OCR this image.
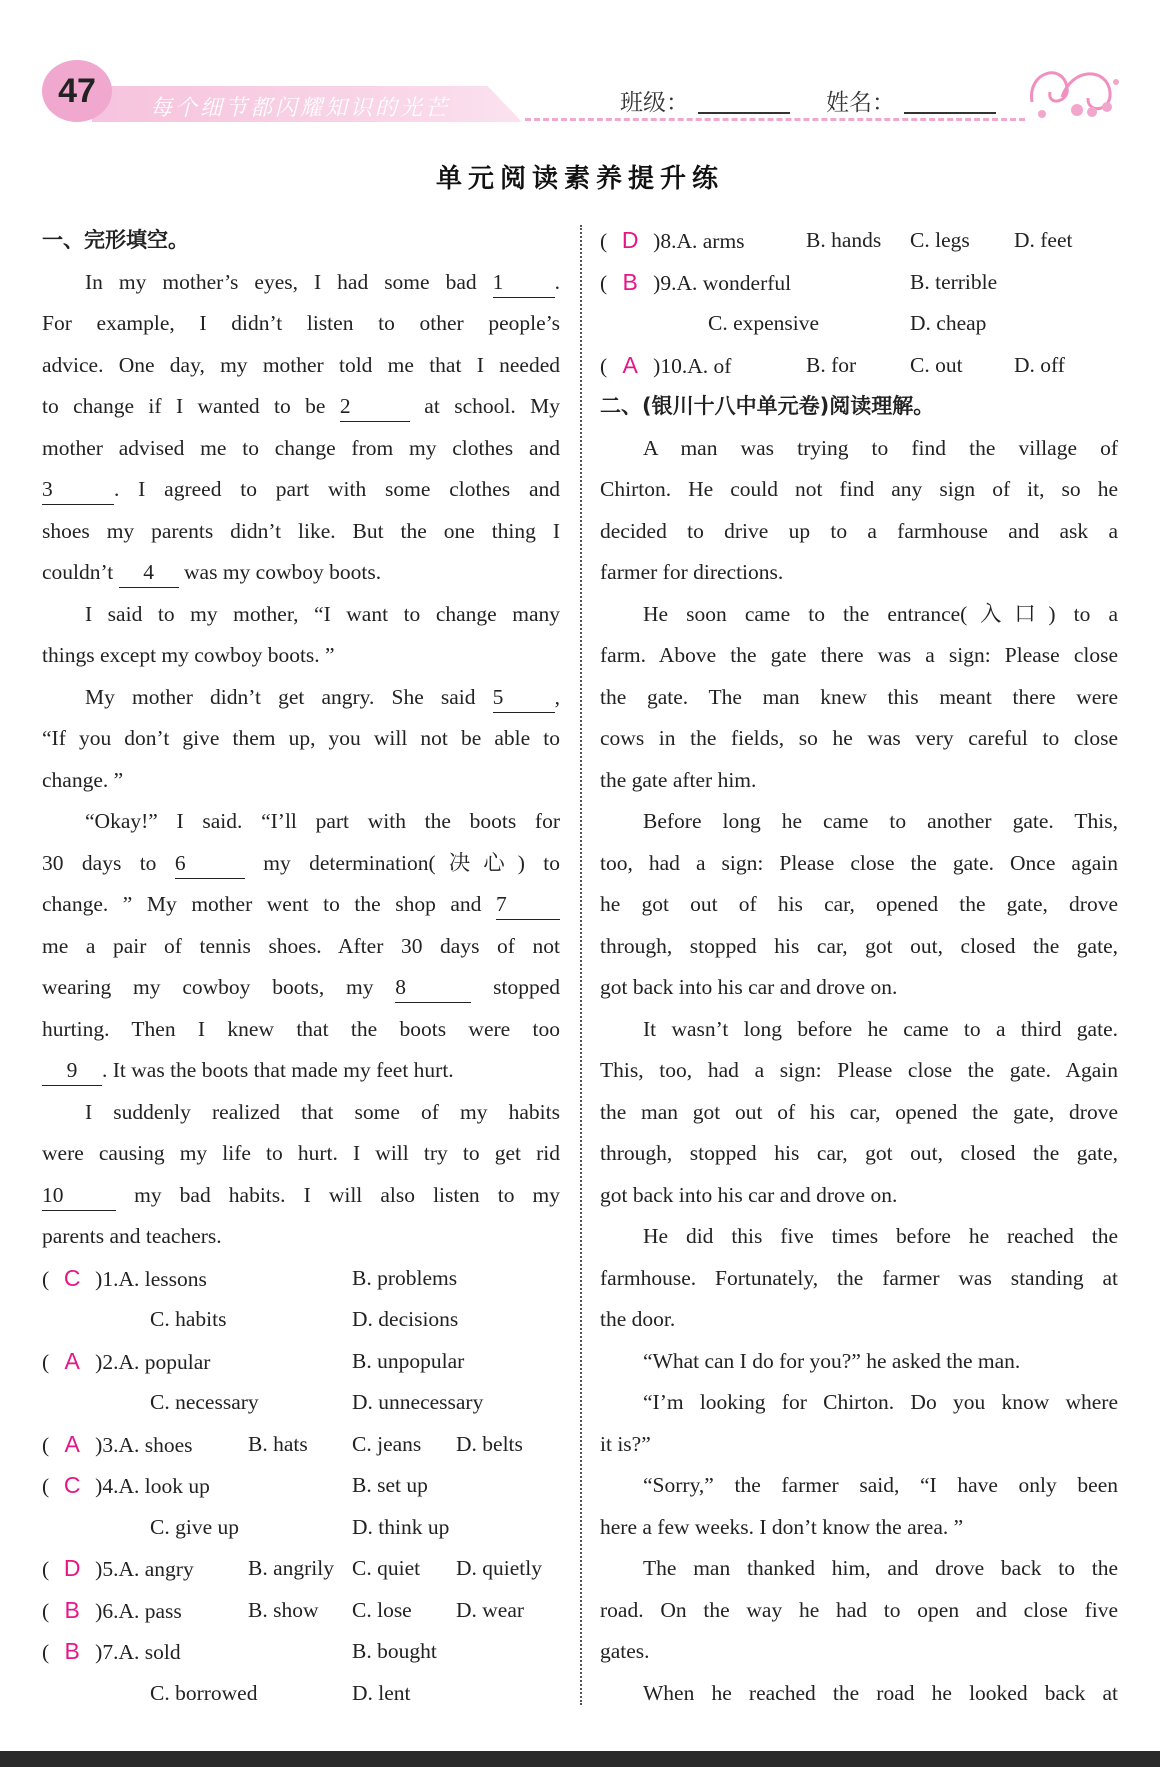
47 每个细节都闪耀知识的光芒	班级：	姓名：
单元阅读素养提升练
一、完形填空。
In my mother’s eyes, I had some bad 1 .
For example, I didn’t listen to other people’s
advice. One day, my mother told me that I needed
to change if I wanted to be 2	at school. My
mother advised me to change from my clothes and
3	. I agreed to part with some clothes and
shoes my parents didn’t like. But the one thing I
couldn’t 4 was my cowboy boots.
I said to my mother, “I want to change many
things except my cowboy boots. ”
My mother didn’t get angry. She said 5 ,
“If you don’t give them up, you will not be able to
change. ”
“Okay!” I said. “I’ll part with the boots for
30 days to 6	my determination(决心) to
change. ” My mother went to the shop and 7
me a pair of tennis shoes. After 30 days of not
wearing my cowboy boots, my 8	stopped
hurting. Then I knew that the boots were too
9 . It was the boots that made my feet hurt.
I suddenly realized that some of my habits
were causing my life to hurt. I will try to get rid
10	my bad habits. I will also listen to my
parents and teachers.
( C )1.A. lessons	B. problems
C. habits	D. decisions
( A )2.A. popular	B. unpopular
C. necessary	D. unnecessary
( A )3.A. shoes	B. hats C. jeans D. belts
( C )4.A. look up	B. set up
C. give up	D. think up
( D )5.A. angry	B. angrily C. quiet D. quietly
( B )6.A. pass	B. show C. lose D. wear
( B )7.A. sold	B. bought
C. borrowed	D. lent
( D )8.A. arms	B. hands C. legs D. feet
( B )9.A. wonderful	B. terrible
C. expensive	D. cheap
( A )10.A. of	B. for	C. out D. off
二、(银川十八中单元卷)阅读理解。
A man was trying to find the village of
Chirton. He could not find any sign of it, so he
decided to drive up to a farmhouse and ask a
farmer for directions.
He soon came to the entrance(入口) to a
farm. Above the gate there was a sign: Please close
the gate. The man knew this meant there were
cows in the fields, so he was very careful to close
the gate after him.
Before long he came to another gate. This,
too, had a sign: Please close the gate. Once again
he got out of his car, opened the gate, drove
through, stopped his car, got out, closed the gate,
got back into his car and drove on.
It wasn’t long before he came to a third gate.
This, too, had a sign: Please close the gate. Again
the man got out of his car, opened the gate, drove
through, stopped his car, got out, closed the gate,
got back into his car and drove on.
He did this five times before he reached the
farmhouse. Fortunately, the farmer was standing at
the door.
“What can I do for you?” he asked the man.
“I’m looking for Chirton. Do you know where
it is?”
“Sorry,” the farmer said, “I have only been
here a few weeks. I don’t know the area. ”
The man thanked him, and drove back to the
road. On the way he had to open and close five
gates.
When he reached the road he looked back at
